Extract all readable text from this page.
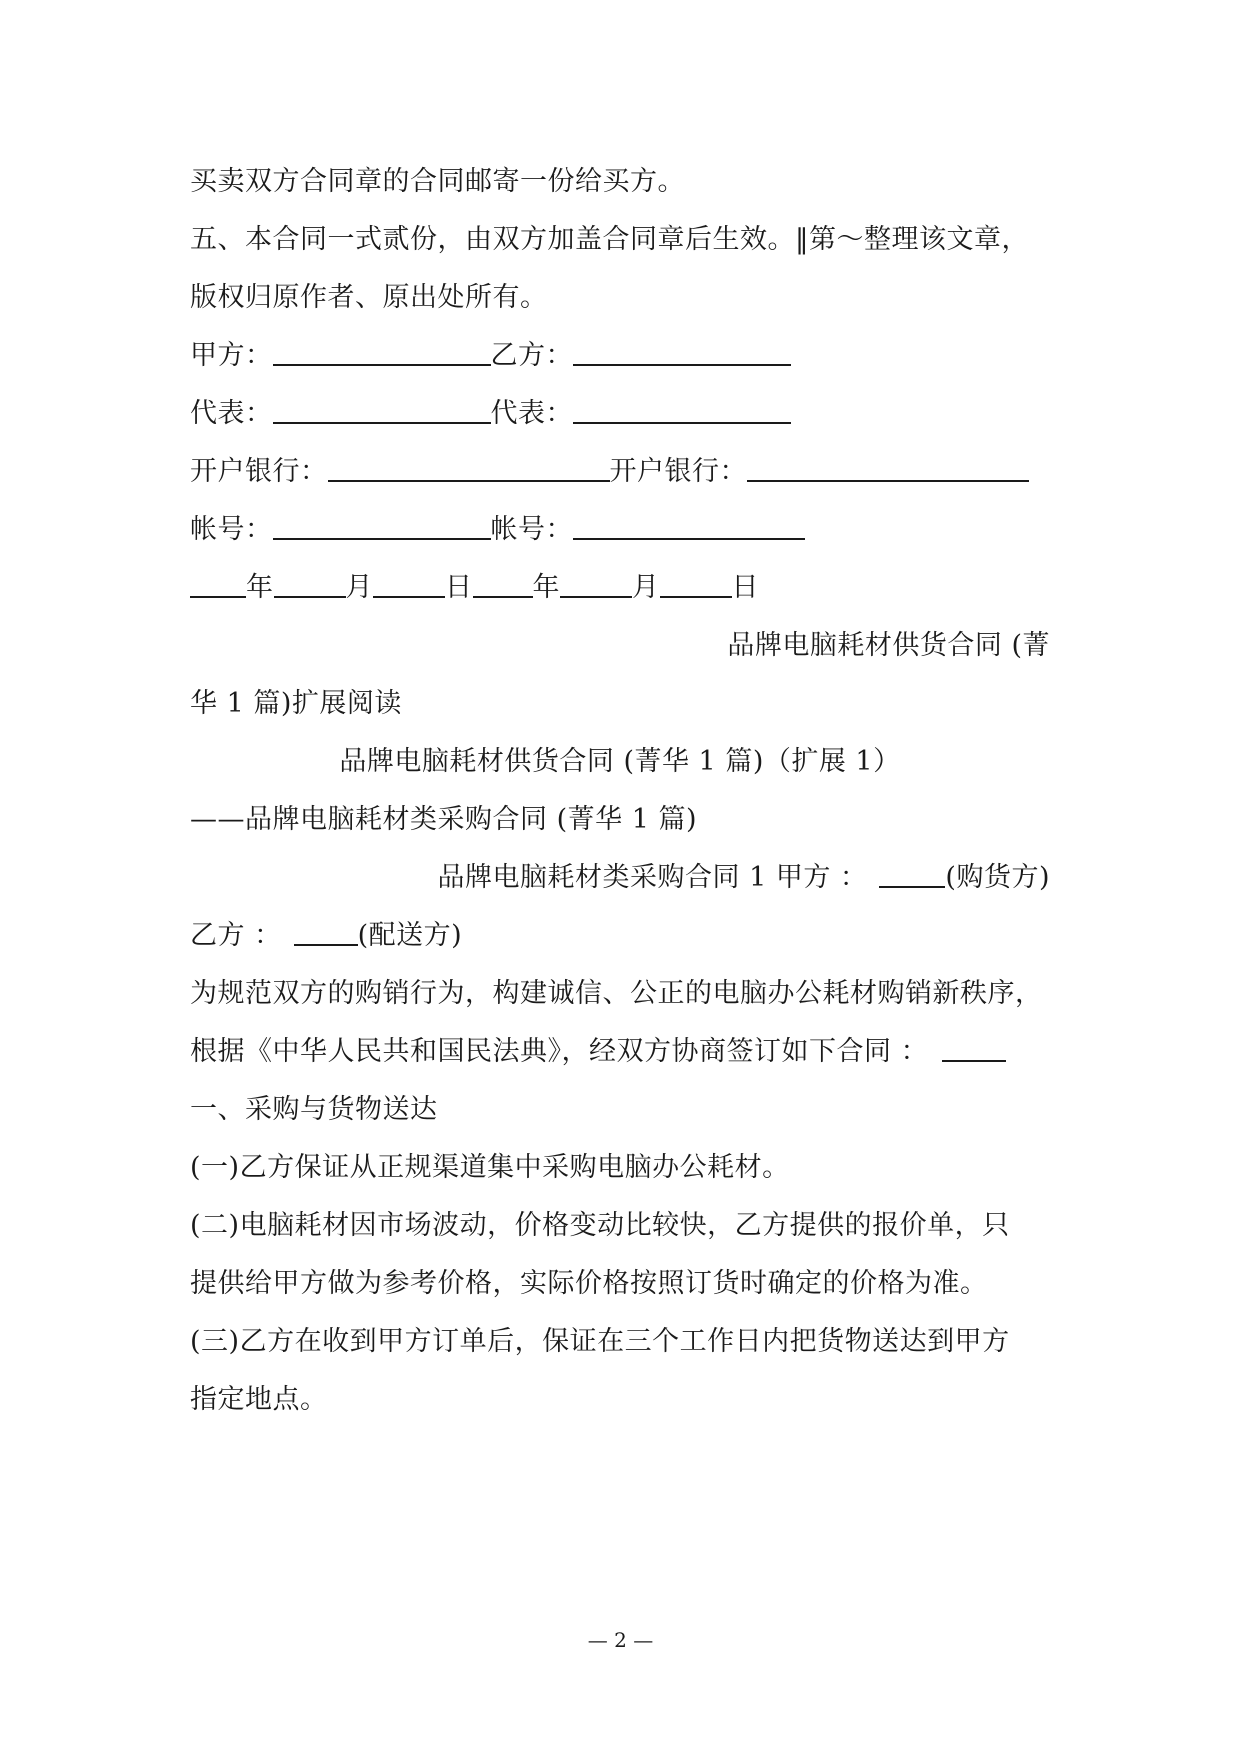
买卖双方合同章的合同邮寄一份给买方。
五、本合同一式贰份，由双方加盖合同章后生效。‖第～整理该文章，
版权归原作者、原出处所有。
甲方：	乙方：
代表：	代表：
开户银行：	开户银行：
帐号：	帐号：
年	月	日 年	月	日
品牌电脑耗材供货合同 (菁
华 1 篇)扩展阅读
品牌电脑耗材供货合同 (菁华 1 篇)（扩展 1）
——品牌电脑耗材类采购合同 (菁华 1 篇)
品牌电脑耗材类采购合同 1 甲方 ：	(购货方)
乙方 ：	(配送方)
为规范双方的购销行为，构建诚信、公正的电脑办公耗材购销新秩序，
根据《中华人民共和国民法典》，经双方协商签订如下合同 ：
一、采购与货物送达
(一)乙方保证从正规渠道集中采购电脑办公耗材。
(二)电脑耗材因市场波动，价格变动比较快，乙方提供的报价单，只
提供给甲方做为参考价格，实际价格按照订货时确定的价格为准。
(三)乙方在收到甲方订单后，保证在三个工作日内把货物送达到甲方
指定地点。
— 2 —
